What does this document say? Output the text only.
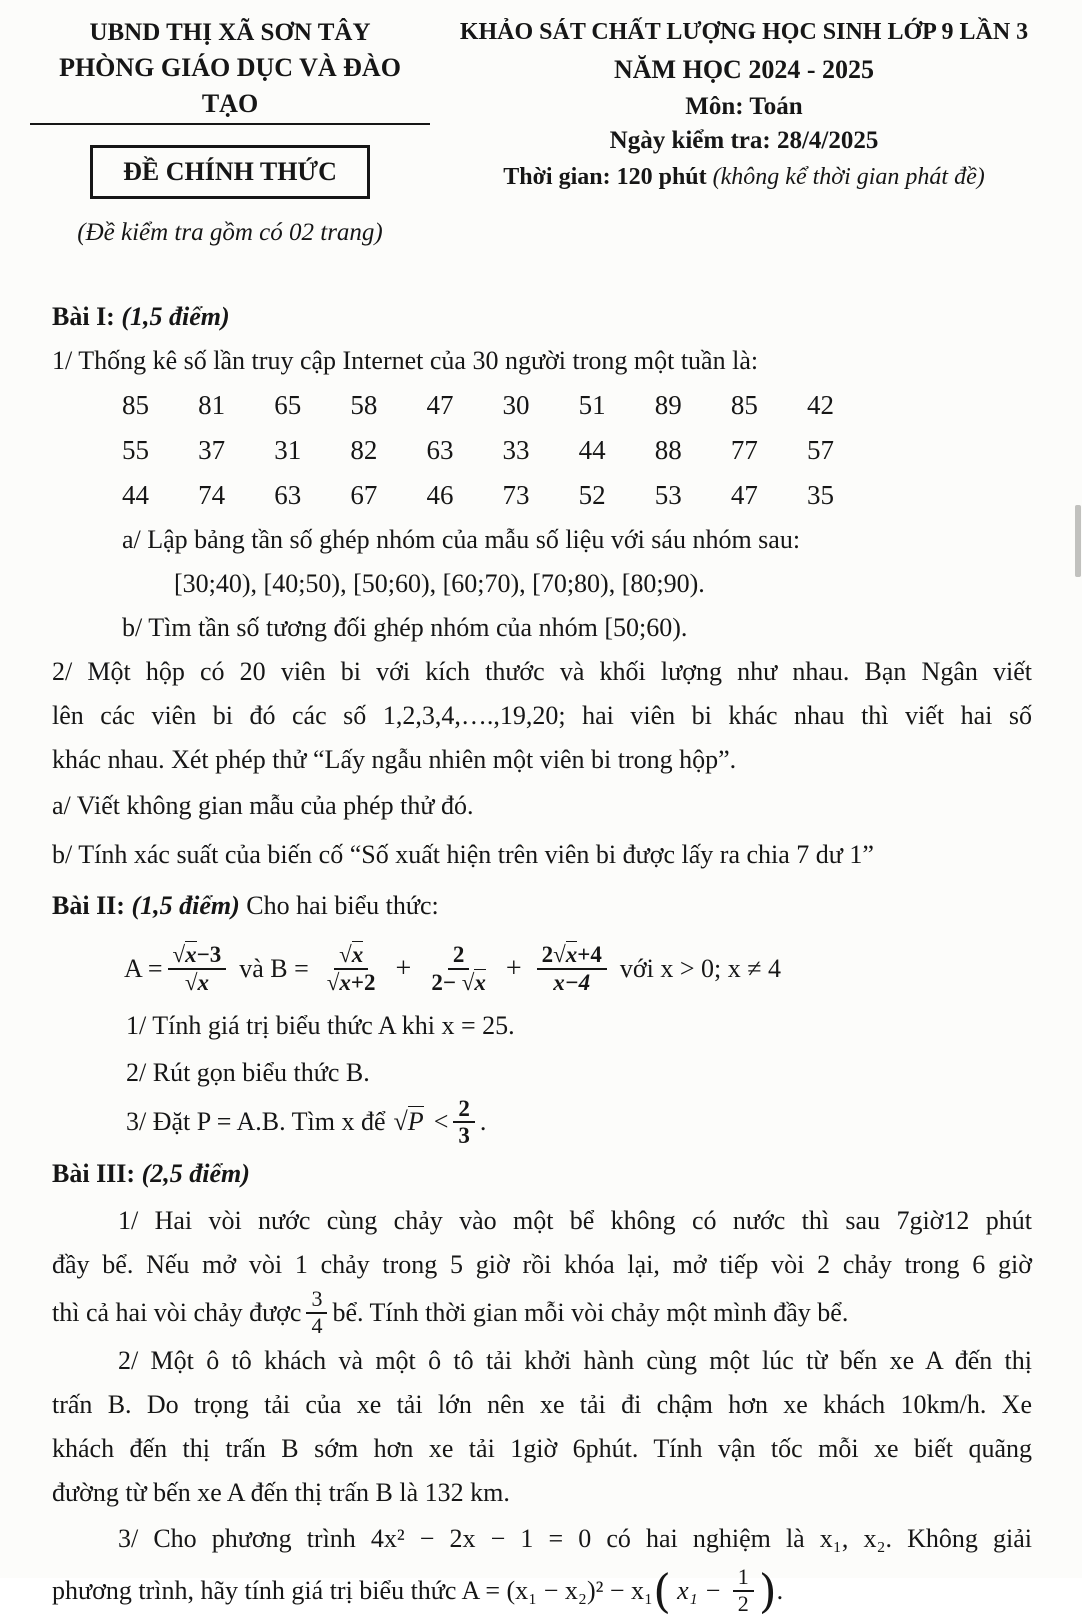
UBND THỊ XÃ SƠN TÂY
PHÒNG GIÁO DỤC VÀ ĐÀO TẠO
ĐỀ CHÍNH THỨC
(Đề kiểm tra gồm có 02 trang)
KHẢO SÁT CHẤT LƯỢNG HỌC SINH LỚP 9 LẦN 3
NĂM HỌC 2024 - 2025
Môn: Toán
Ngày kiểm tra: 28/4/2025
Thời gian: 120 phút (không kể thời gian phát đề)
Bài I: (1,5 điểm)
1/ Thống kê số lần truy cập Internet của 30 người trong một tuần là:
85 81 65 58 47 30 51 89 85 42
55 37 31 82 63 33 44 88 77 57
44 74 63 67 46 73 52 53 47 35
a/ Lập bảng tần số ghép nhóm của mẫu số liệu với sáu nhóm sau:
[30;40), [40;50), [50;60), [60;70), [70;80), [80;90).
b/ Tìm tần số tương đối ghép nhóm của nhóm [50;60).
2/ Một hộp có 20 viên bi với kích thước và khối lượng như nhau. Bạn Ngân viết
lên các viên bi đó các số 1,2,3,4,….,19,20; hai viên bi khác nhau thì viết hai số
khác nhau. Xét phép thử “Lấy ngẫu nhiên một viên bi trong hộp”.
a/ Viết không gian mẫu của phép thử đó.
b/ Tính xác suất của biến cố “Số xuất hiện trên viên bi được lấy ra chia 7 dư 1”
Bài II: (1,5 điểm) Cho hai biểu thức:
$A = \frac{√x-3}{√x}$ và $B = \frac{√x}{√x+2} + \frac{2}{2- √x} + \frac{2√x+4}{x-4}$ với x > 0; x ≠ 4
1/ Tính giá trị biểu thức A khi x = 25.
2/ Rút gọn biểu thức B.
3/ Đặt P = A.B. Tìm x để $√P < \frac{2}{3}$ .
Bài III: (2,5 điểm)
1/ Hai vòi nước cùng chảy vào một bể không có nước thì sau 7giờ12 phút
đầy bể. Nếu mở vòi 1 chảy trong 5 giờ rồi khóa lại, mở tiếp vòi 2 chảy trong 6 giờ
thì cả hai vòi chảy được $\frac{3}{4}$ bể. Tính thời gian mỗi vòi chảy một mình đầy bể.
2/ Một ô tô khách và một ô tô tải khởi hành cùng một lúc từ bến xe A đến thị
trấn B. Do trọng tải của xe tải lớn nên xe tải đi chậm hơn xe khách 10km/h. Xe
khách đến thị trấn B sớm hơn xe tải 1giờ 6phút. Tính vận tốc mỗi xe biết quãng
đường từ bến xe A đến thị trấn B là 132 km.
3/ Cho phương trình 4x² − 2x − 1 = 0 có hai nghiệm là x₁, x₂. Không giải
phương trình, hãy tính giá trị biểu thức A = (x₁ − x₂)² − x₁ ( $x_1 - \frac{1}{2}$ ) .
